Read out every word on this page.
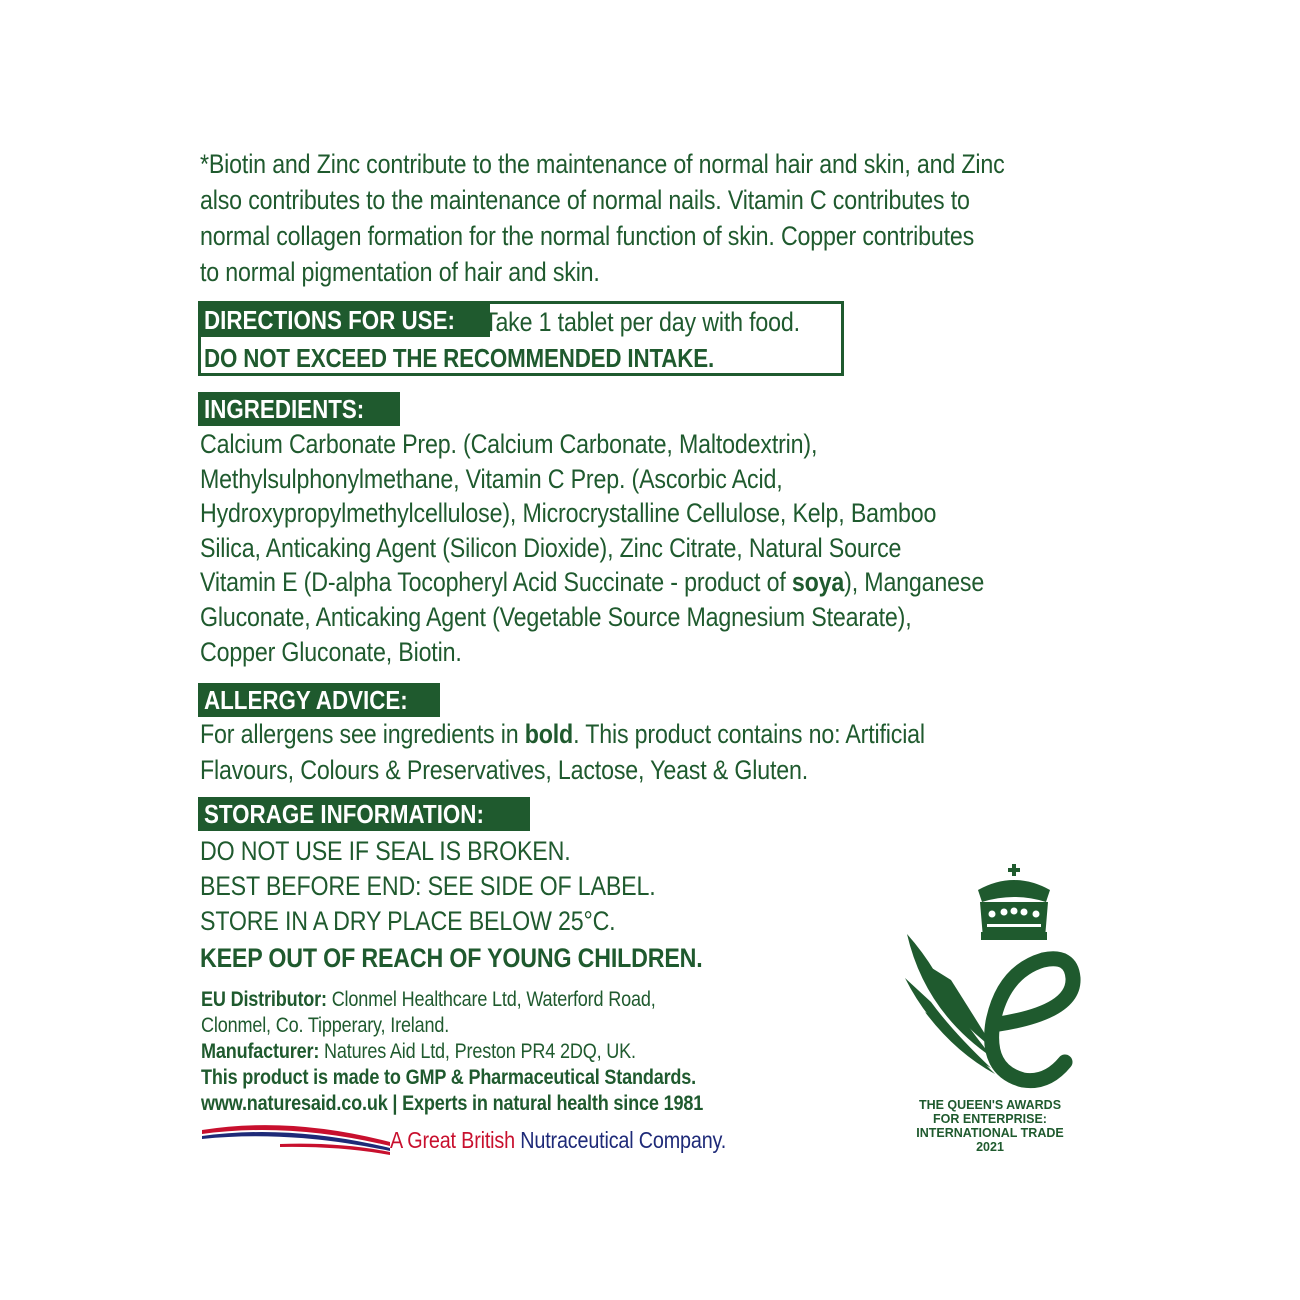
*Biotin and Zinc contribute to the maintenance of normal hair and skin, and Zinc

also contributes to the maintenance of normal nails. Vitamin C contributes to

normal collagen formation for the normal function of skin. Copper contributes

to normal pigmentation of hair and skin.

DIRECTIONS FOR USE:	Take 1 tablet per day with food.
DO NOT EXCEED THE RECOMMENDED INTAKE.
INGREDIENTS:

Calcium Carbonate Prep. (Calcium Carbonate, Maltodextrin),

Methylsulphonylmethane, Vitamin C Prep. (Ascorbic Acid,

Hydroxypropylmethylcellulose), Microcrystalline Cellulose, Kelp, Bamboo

Silica, Anticaking Agent (Silicon Dioxide), Zinc Citrate, Natural Source

Vitamin E (D-alpha Tocopheryl Acid Succinate - product of soya), Manganese

Gluconate, Anticaking Agent (Vegetable Source Magnesium Stearate),

Copper Gluconate, Biotin.

ALLERGY ADVICE:

For allergens see ingredients in bold. This product contains no: Artificial

Flavours, Colours & Preservatives, Lactose, Yeast & Gluten.

STORAGE INFORMATION:

DO NOT USE IF SEAL IS BROKEN.

BEST BEFORE END: SEE SIDE OF LABEL.

STORE IN A DRY PLACE BELOW 25°C.

KEEP OUT OF REACH OF YOUNG CHILDREN.

EU Distributor: Clonmel Healthcare Ltd, Waterford Road,

Clonmel, Co. Tipperary, Ireland.

Manufacturer: Natures Aid Ltd, Preston PR4 2DQ, UK.

This product is made to GMP & Pharmaceutical Standards.

www.naturesaid.co.uk | Experts in natural health since 1981

A Great British Nutraceutical Company.
THE QUEEN'S AWARDS
FOR ENTERPRISE:
INTERNATIONAL TRADE
2021
